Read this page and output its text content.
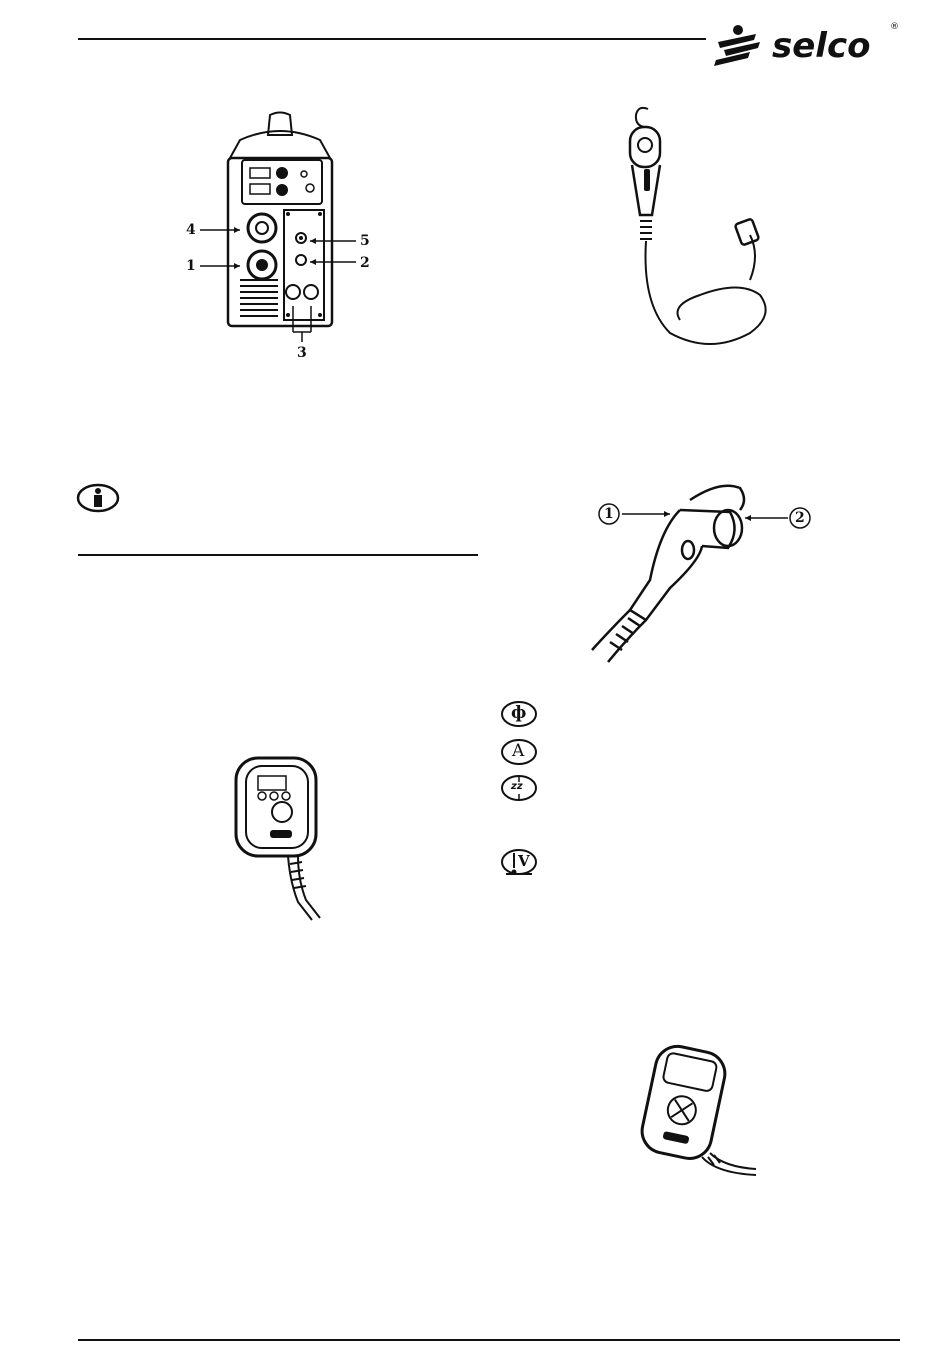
selco ®
4
1
5
2
3
1	2
ф
A
zz
V
